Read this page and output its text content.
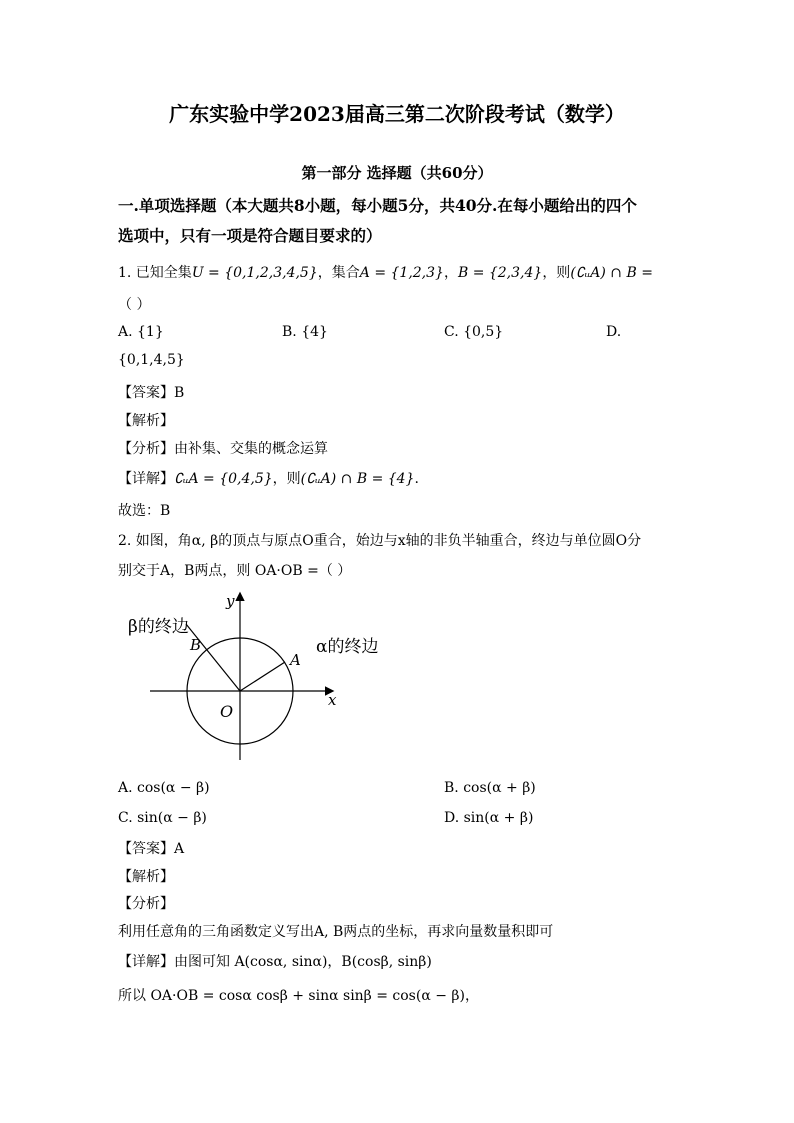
广东实验中学2023届高三第二次阶段考试（数学）
第一部分 选择题（共60分）
一.单项选择题（本大题共8小题，每小题5分，共40分.在每小题给出的四个
选项中，只有一项是符合题目要求的）
1. 已知全集U = {0,1,2,3,4,5}，集合A = {1,2,3}，B = {2,3,4}，则(∁ᵤA) ∩ B =
（ ）
A. {1}	B. {4}	C. {0,5}	D.
{0,1,4,5}
【答案】B
【解析】
【分析】由补集、交集的概念运算
【详解】∁ᵤA = {0,4,5}，则(∁ᵤA) ∩ B = {4}.
故选：B
2. 如图，角α, β的顶点与原点O重合，始边与x轴的非负半轴重合，终边与单位圆O分
别交于A，B两点，则 OA·OB =（ ）
y
x
O
A
B
β的终边
α的终边
A. cos(α − β)	B. cos(α + β)
C. sin(α − β)	D. sin(α + β)
【答案】A
【解析】
【分析】
利用任意角的三角函数定义写出A, B两点的坐标，再求向量数量积即可
【详解】由图可知 A(cosα, sinα)，B(cosβ, sinβ)
所以 OA·OB = cosα cosβ + sinα sinβ = cos(α − β)，
